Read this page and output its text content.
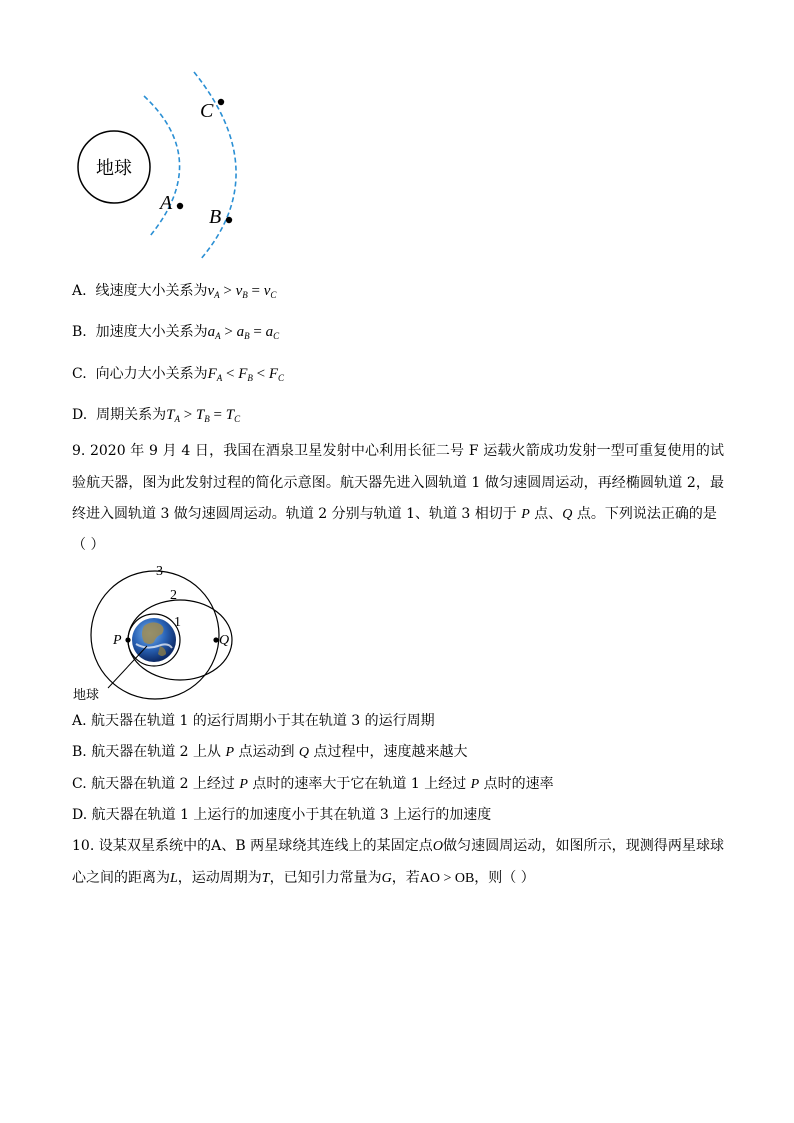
地球
A
B
C
A. 线速度大小关系为$v_A > v_B = v_C$
B. 加速度大小关系为$a_A > a_B = a_C$
C. 向心力大小关系为$F_A < F_B < F_C$
D. 周期关系为$T_A > T_B = T_C$
9. 2020 年 9 月 4 日，我国在酒泉卫星发射中心利用长征二号 F 运载火箭成功发射一型可重复使用的试验航天器，图为此发射过程的简化示意图。航天器先进入圆轨道 1 做匀速圆周运动，再经椭圆轨道 2，最终进入圆轨道 3 做匀速圆周运动。轨道 2 分别与轨道 1、轨道 3 相切于 P 点、Q 点。下列说法正确的是
（ ）
3
2
1
P	Q
地球
A. 航天器在轨道 1 的运行周期小于其在轨道 3 的运行周期
B. 航天器在轨道 2 上从 P 点运动到 Q 点过程中，速度越来越大
C. 航天器在轨道 2 上经过 P 点时的速率大于它在轨道 1 上经过 P 点时的速率
D. 航天器在轨道 1 上运行的加速度小于其在轨道 3 上运行的加速度
10. 设某双星系统中的A、B 两星球绕其连线上的某固定点O做匀速圆周运动，如图所示，现测得两星球球心之间的距离为L，运动周期为T，已知引力常量为G，若AO > OB，则（ ）
